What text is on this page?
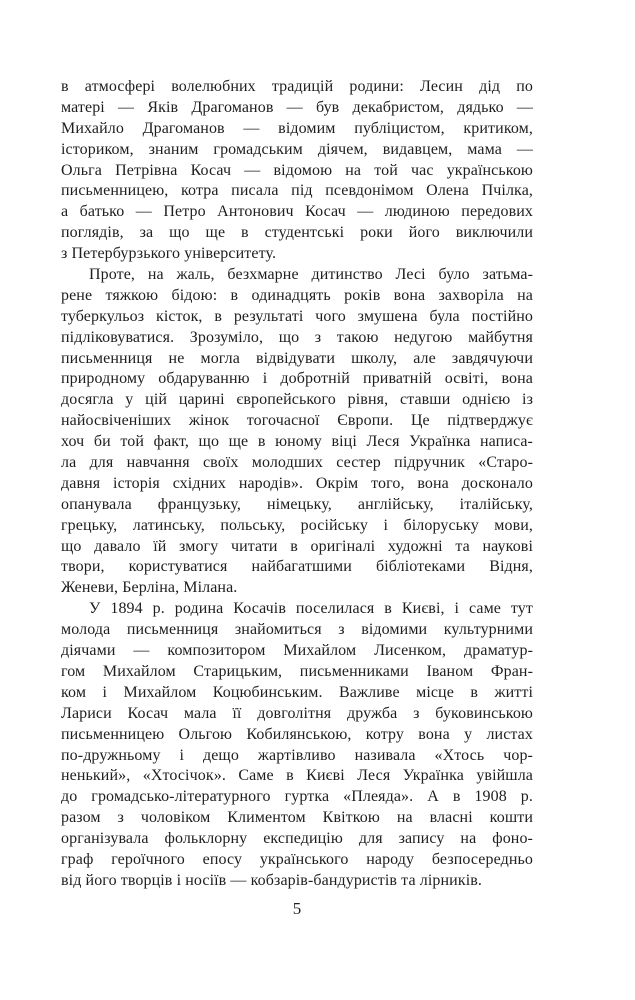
в атмосфері волелюбних традицій родини: Лесин дід по
матері — Яків Драгоманов — був декабристом, дядько —
Михайло Драгоманов — відомим публіцистом, критиком,
істориком, знаним громадським діячем, видавцем, мама —
Ольга Петрівна Косач — відомою на той час українською
письменницею, котра писала під псевдонімом Олена Пчілка,
а батько — Петро Антонович Косач — людиною передових
поглядів, за що ще в студентські роки його виключили
з Петербурзького університету.
Проте, на жаль, безхмарне дитинство Лесі було затьма-
рене тяжкою бідою: в одинадцять років вона захворіла на
туберкульоз кісток, в результаті чого змушена була постійно
підліковуватися. Зрозуміло, що з такою недугою майбутня
письменниця не могла відвідувати школу, але завдячуючи
природному обдаруванню і добротній приватній освіті, вона
досягла у цій царині європейського рівня, ставши однією із
найосвіченіших жінок тогочасної Європи. Це підтверджує
хоч би той факт, що ще в юному віці Леся Українка написа-
ла для навчання своїх молодших сестер підручник «Старо-
давня історія східних народів». Окрім того, вона досконало
опанувала французьку, німецьку, англійську, італійську,
грецьку, латинську, польську, російську і білоруську мови,
що давало їй змогу читати в оригіналі художні та наукові
твори, користуватися найбагатшими бібліотеками Відня,
Женеви, Берліна, Мілана.
У 1894 р. родина Косачів поселилася в Києві, і саме тут
молода письменниця знайомиться з відомими культурними
діячами — композитором Михайлом Лисенком, драматур-
гом Михайлом Старицьким, письменниками Іваном Фран-
ком і Михайлом Коцюбинським. Важливе місце в житті
Лариси Косач мала її довголітня дружба з буковинською
письменницею Ольгою Кобилянською, котру вона у листах
по-дружньому і дещо жартівливо називала «Хтось чор-
ненький», «Хтосічок». Саме в Києві Леся Українка увійшла
до громадсько-літературного гуртка «Плеяда». А в 1908 р.
разом з чоловіком Климентом Квіткою на власні кошти
організувала фольклорну експедицію для запису на фоно-
граф героїчного епосу українського народу безпосередньо
від його творців і носіїв — кобзарів-бандуристів та лірників.
5
